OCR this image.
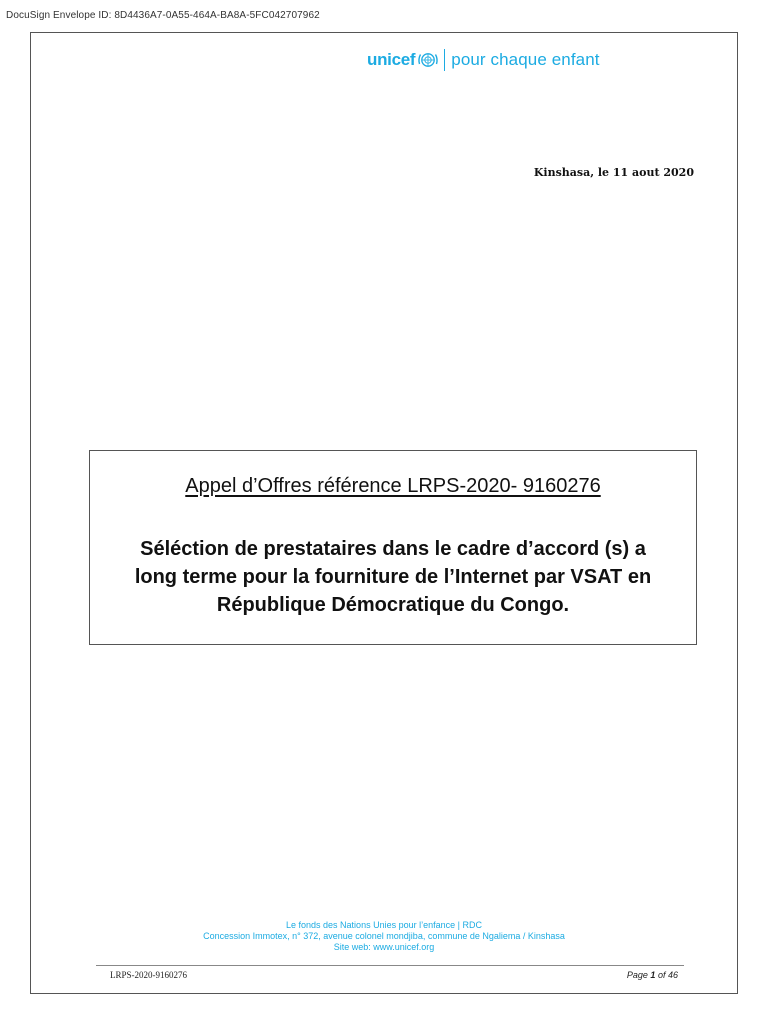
DocuSign Envelope ID: 8D4436A7-0A55-464A-BA8A-5FC042707962
unicef pour chaque enfant
Kinshasa, le 11 aout 2020
Appel d’Offres référence LRPS-2020- 9160276
Séléction de prestataires dans le cadre d’accord (s) a
long terme pour la fourniture de l’Internet par VSAT en
République Démocratique du Congo.
Le fonds des Nations Unies pour l’enfance | RDC
Concession Immotex, n° 372, avenue colonel mondjiba, commune de Ngaliema / Kinshasa
Site web: www.unicef.org
LRPS-2020-9160276	Page 1 of 46
